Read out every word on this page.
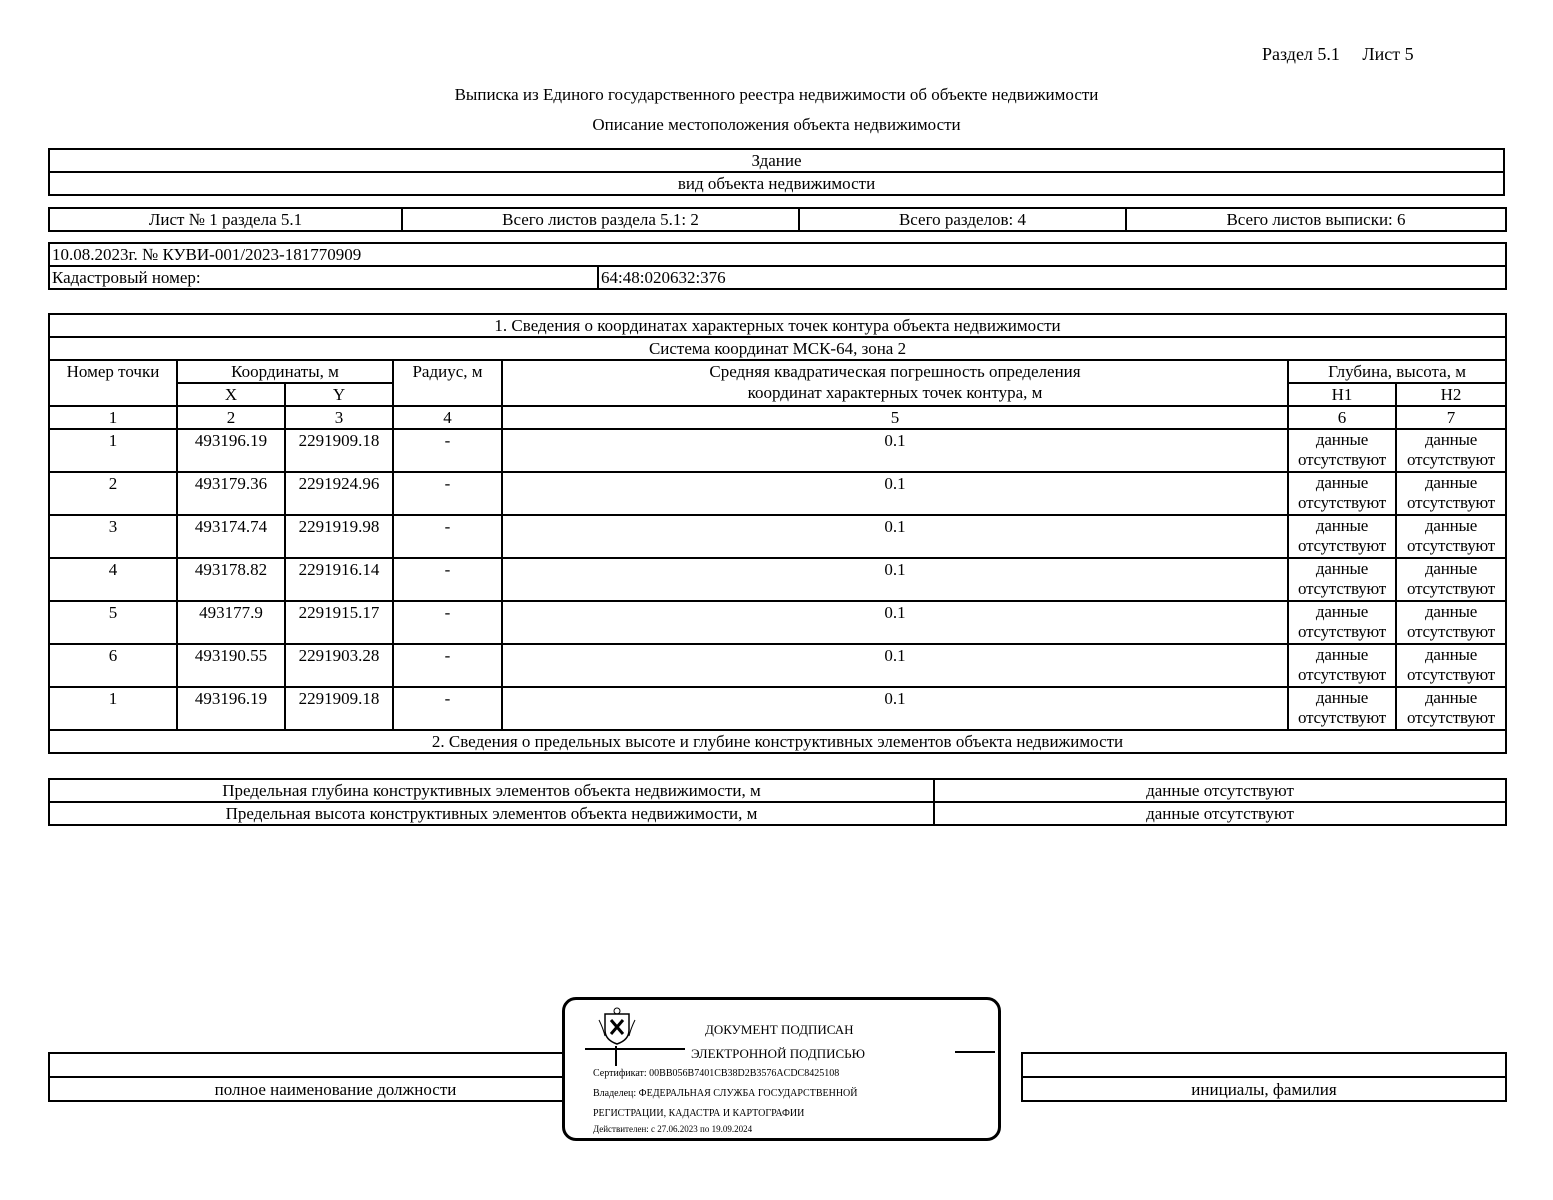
Раздел 5.1     Лист 5
Выписка из Единого государственного реестра недвижимости об объекте недвижимости
Описание местоположения объекта недвижимости
Здание
вид объекта недвижимости
Лист № 1 раздела 5.1	Всего листов раздела 5.1: 2	Всего разделов: 4	Всего листов выписки: 6
10.08.2023г. № КУВИ-001/2023-181770909
Кадастровый номер:	64:48:020632:376
1. Сведения о координатах характерных точек контура объекта недвижимости						
Система координат МСК-64, зона 2						
Номер точки	Координаты, м		Радиус, м	Средняя квадратическая погрешность определения
координат характерных точек контура, м	Глубина, высота, м	
	X	Y			Н1	Н2
1	2	3	4	5	6	7
1	493196.19	2291909.18	-	0.1	данные отсутствуют	данные отсутствуют
2	493179.36	2291924.96	-	0.1	данные отсутствуют	данные отсутствуют
3	493174.74	2291919.98	-	0.1	данные отсутствуют	данные отсутствуют
4	493178.82	2291916.14	-	0.1	данные отсутствуют	данные отсутствуют
5	493177.9	2291915.17	-	0.1	данные отсутствуют	данные отсутствуют
6	493190.55	2291903.28	-	0.1	данные отсутствуют	данные отсутствуют
1	493196.19	2291909.18	-	0.1	данные отсутствуют	данные отсутствуют
2. Сведения о предельных высоте и глубине конструктивных элементов объекта недвижимости						
Предельная глубина конструктивных элементов объекта недвижимости, м	данные отсутствуют
Предельная высота конструктивных элементов объекта недвижимости, м	данные отсутствуют

полное наименование должности		инициалы, фамилия
ДОКУМЕНТ ПОДПИСАН
ЭЛЕКТРОННОЙ ПОДПИСЬЮ
Сертификат: 00BB056B7401CB38D2B3576ACDC8425108
Владелец: ФЕДЕРАЛЬНАЯ СЛУЖБА ГОСУДАРСТВЕННОЙ
РЕГИСТРАЦИИ, КАДАСТРА И КАРТОГРАФИИ
Действителен: с 27.06.2023 по 19.09.2024
